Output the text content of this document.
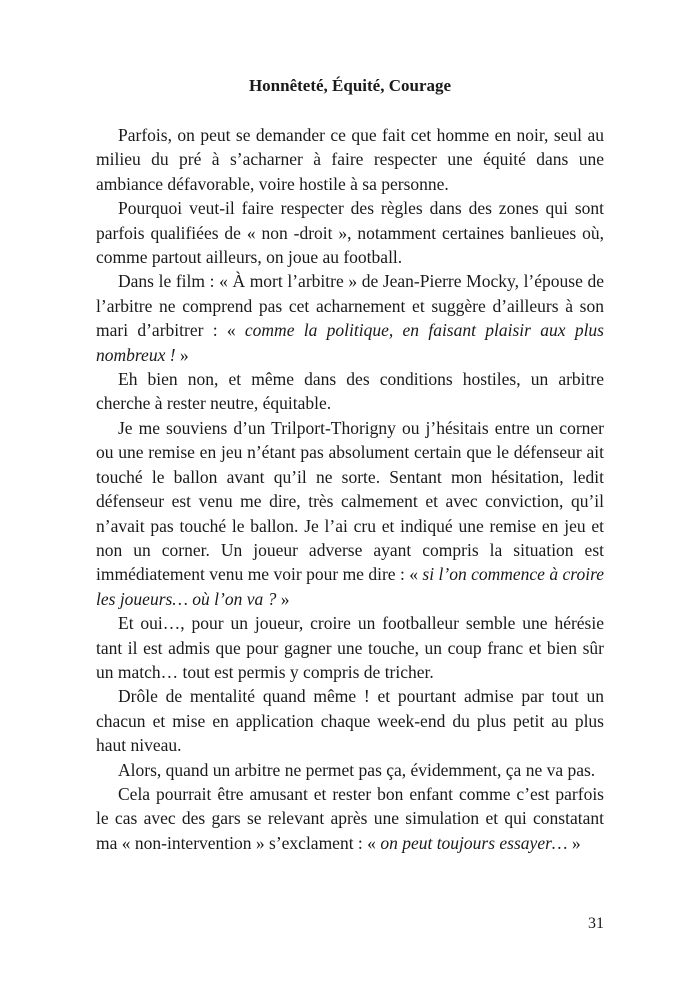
Honnêteté, Équité, Courage

Parfois, on peut se demander ce que fait cet homme en noir, seul au milieu du pré à s’acharner à faire respecter une équité dans une ambiance défavorable, voire hostile à sa personne.

Pourquoi veut-il faire respecter des règles dans des zones qui sont parfois qualifiées de « non -droit », notamment certaines banlieues où, comme partout ailleurs, on joue au football.

Dans le film : « À mort l’arbitre » de Jean-Pierre Mocky, l’épouse de l’arbitre ne comprend pas cet acharnement et suggère d’ailleurs à son mari d’arbitrer : « comme la politique, en faisant plaisir aux plus nombreux ! »

Eh bien non, et même dans des conditions hostiles, un arbitre cherche à rester neutre, équitable.

Je me souviens d’un Trilport-Thorigny ou j’hésitais entre un corner ou une remise en jeu n’étant pas absolument certain que le défenseur ait touché le ballon avant qu’il ne sorte. Sentant mon hésitation, ledit défenseur est venu me dire, très calmement et avec conviction, qu’il n’avait pas touché le ballon. Je l’ai cru et indiqué une remise en jeu et non un corner. Un joueur adverse ayant compris la situation est immédiatement venu me voir pour me dire : « si l’on commence à croire les joueurs… où l’on va ? »

Et oui…, pour un joueur, croire un footballeur semble une hérésie tant il est admis que pour gagner une touche, un coup franc et bien sûr un match… tout est permis y compris de tricher.

Drôle de mentalité quand même ! et pourtant admise par tout un chacun et mise en application chaque week-end du plus petit au plus haut niveau.

Alors, quand un arbitre ne permet pas ça, évidemment, ça ne va pas.

Cela pourrait être amusant et rester bon enfant comme c’est parfois le cas avec des gars se relevant après une simulation et qui constatant ma « non-intervention » s’exclament : « on peut toujours essayer… »

31
